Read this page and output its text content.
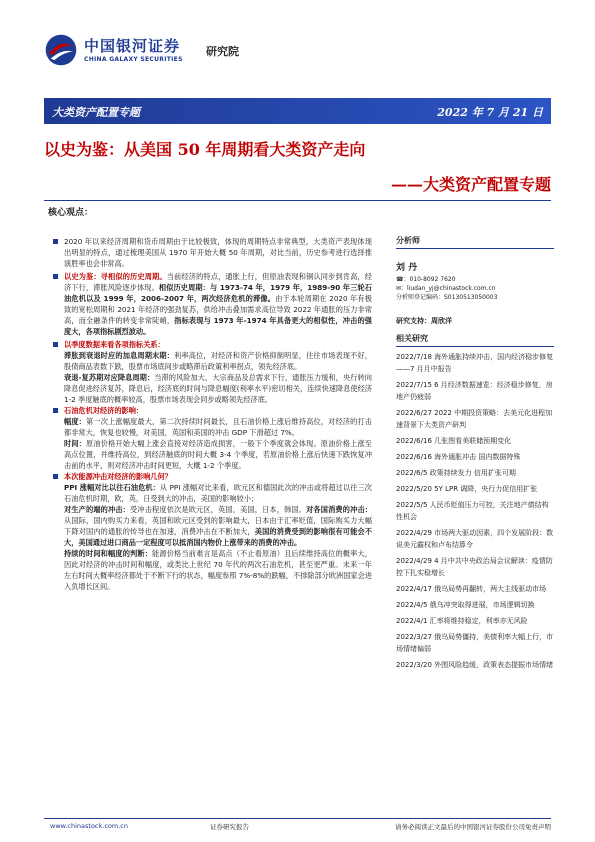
中国银河证券
CHINA GALAXY SECURITIES
研究院
大类资产配置专题	2022 年 7 月 21 日
以史为鉴：从美国 50 年周期看大类资产走向
——大类资产配置专题
核心观点：

2020 年以来经济周期和货币周期由于比较极致，体现的周期特点非常典型，大类资产表现体现出明显的特点，通过梳理美国从 1970 年开始大概 50 年周期，对比当前，历史参考进行选择推演胜率也会非常高。

以史为鉴：寻相似的历史周期。当前经济的特点，通胀上行，但原油表现和铜认同步到肯高，经济下行，滞胀风险逐步体现。相似历史周期：与 1973-74 年，1979 年，1989-90 年三轮石油危机以及 1999 年，2006-2007 年，两次经济危机的滞像。由于本轮周期在 2020 年有极致的宽松周期和 2021 年经济的强劲复苏，供给冲击叠加需求高位导致 2022 年通胀的压力非常高，而全融条件的转变非常陡峭，指标表现与 1973 年-1974 年具备更大的相似性，冲击的强度大，各项指标剧烈波动。

以季度数据来看各项指标关系：

滞胀到衰退时应的加息周期末期：利率高位，对经济和资产价格抑制明显，往往市场表现不好，股债商品表数下跌，股票市场底间步或略滞后政策利率拐点，领先经济底。

衰退-复苏期对应降息周期：当滞的风险加大，大宗商品及总需求下行，通胀压力缓和，央行转向降息促进经济复苏，降息后，经济底的时间与降息幅度(利率水平)密切相关，连续快速降息使经济 1-2 季度触底的概率较高，股票市场表现会同步或略领先经济底。

石油危机对经济的影响：

幅度：第一次上涨幅度最大，第二次持续时间最长，且石油价格上涨后维持高位，对经济的打击都非常大，恢复也较慢，对美国，英国和美国的冲击 GDP 下滑超过 7%。

时间：原油价格开始大幅上涨会直接对经济造成损害，一般下个季度就会体现。原油价格上涨至高点位置，并维持高位，到经济触底的时间大概 3-4 个季度，若原油价格上涨后快速下跌恢复冲击前的水平，则对经济冲击时间更短，大概 1-2 个季度。

本次能源冲击对经济的影响几何？

PPI 涨幅对比以往石油危机：从 PPI 涨幅对比来看，欧元区和德国此次的冲击或将超过以往三次石油危机时期，欧，英，日受到大的冲击，美国的影响较小；

对生产的端的冲击：受冲击程度依次是欧元区，英国，美国，日本，韩国。对各国消费的冲击：从国际，国内购买力来看，英国和欧元区受到的影响最大，日本由于汇率贬值，国际购买力大幅下降对国内的通胀的传导也在加速，消费冲击在不断加大，美国的消费受到的影响很有可能会不大，美国通过进口商品一定程度可以抵消国内物价上涨带来的消费的冲击。

持续的时间和幅度的判断：能源价格当前难言是高点（不止看原油）且后续维持高位的概率大，因此对经济的冲击时间和幅度，或类比上世纪 70 年代的两次石油危机，甚至更严重。未来一年左右时间大概率经济都处于不断下行的状态，幅度参照 7%-8%的跌幅，不排除部分欧洲国家会进入负增长区间。

分析师
刘 丹
☎：010-8092 7620
✉：liudan_yj@chinastock.com.cn
分析师登记编码：S0130513050003
研究支持：周欣洋
相关研究
2022/7/18 海外通胀持续冲击，国内经济稳步修复——7 月月中报告
2022/7/15 6 月经济数据速览：经济稳步修复，房地产仍疲弱
2022/6/27 2022 中期投资策略：去美元化进程加速背景下大类资产研判
2022/6/16 几张图看美联储预期变化
2022/6/16 海外通胀冲击 国内数据特殊
2022/6/5 政策持续发力 信用扩张可期
2022/5/20 5Y LPR 调降，央行力促信用扩张
2022/5/5 人民币贬值压力可控，关注地产债结构性机会
2022/4/29 市场两大驱动因素，四个发展阶段：数说美元霸权和卢布结算令
2022/4/29 4 月中共中央政治局会议解读：疫情防控下扎实稳增长
2022/4/17 俄乌局势再翻转，两大主线驱动市场
2022/4/5 俄乌冲突取得进展，市场逻辑切换
2022/4/1 汇率将维持稳定，利率亦无风险
2022/3/27 俄乌局势僵持，美债利率大幅上行，市场情绪偏弱
2022/3/20 外围风险趋缓，政策表态提振市场情绪
www.chinastock.com.cn	证券研究报告	请务必阅读正文最后的中国银河证券股份公司免责声明
